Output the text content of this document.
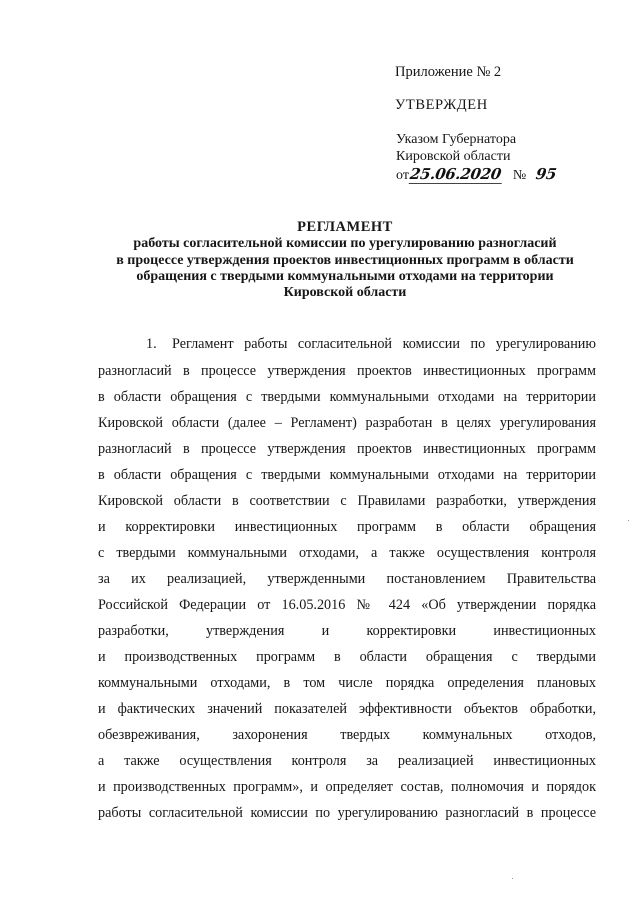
Приложение № 2
УТВЕРЖДЕН
Указом Губернатора
Кировской области
от25.06.2020 № 95
РЕГЛАМЕНТ
работы согласительной комиссии по урегулированию разногласий
в процессе утверждения проектов инвестиционных программ в области
обращения с твердыми коммунальными отходами на территории
Кировской области
1. Регламент работы согласительной комиссии по урегулированию
разногласий в процессе утверждения проектов инвестиционных программ
в области обращения с твердыми коммунальными отходами на территории
Кировской области (далее – Регламент) разработан в целях урегулирования
разногласий в процессе утверждения проектов инвестиционных программ
в области обращения с твердыми коммунальными отходами на территории
Кировской области в соответствии с Правилами разработки, утверждения
и корректировки инвестиционных программ в области обращения
с твердыми коммунальными отходами, а также осуществления контроля
за их реализацией, утвержденными постановлением Правительства
Российской Федерации от 16.05.2016 № 424 «Об утверждении порядка
разработки, утверждения и корректировки инвестиционных
и производственных программ в области обращения с твердыми
коммунальными отходами, в том числе порядка определения плановых
и фактических значений показателей эффективности объектов обработки,
обезвреживания, захоронения твердых коммунальных отходов,
а также осуществления контроля за реализацией инвестиционных
и производственных программ», и определяет состав, полномочия и порядок
работы согласительной комиссии по урегулированию разногласий в процессе
